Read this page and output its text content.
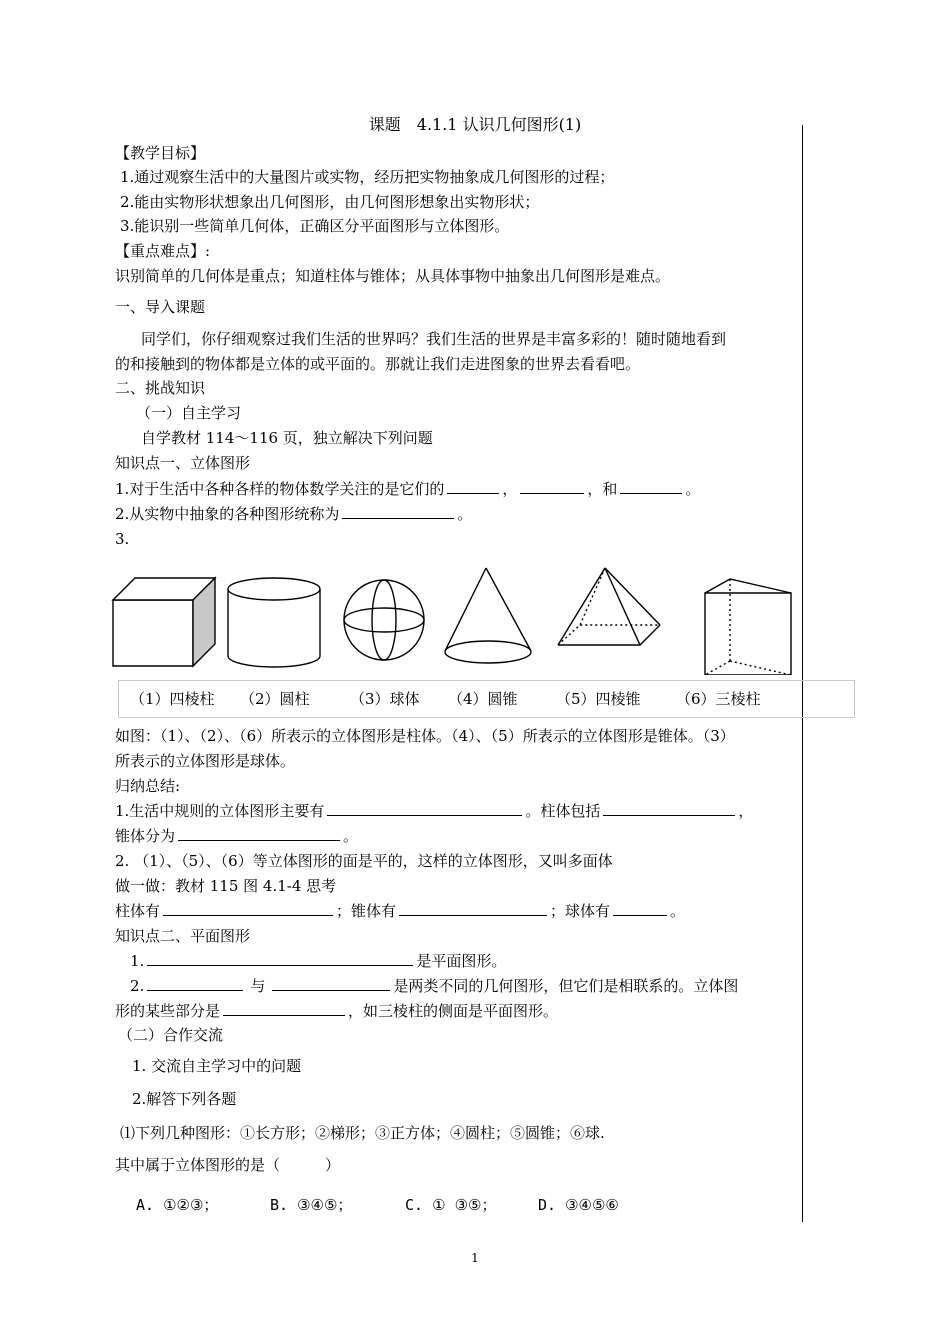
课题　4.1.1 认识几何图形(1)
【教学目标】
1.通过观察生活中的大量图片或实物，经历把实物抽象成几何图形的过程；
2.能由实物形状想象出几何图形，由几何图形想象出实物形状；
3.能识别一些简单几何体，正确区分平面图形与立体图形。
【重点难点】:
识别简单的几何体是重点；知道柱体与锥体；从具体事物中抽象出几何图形是难点。
一、导入课题
同学们，你仔细观察过我们生活的世界吗？我们生活的世界是丰富多彩的！随时随地看到
的和接触到的物体都是立体的或平面的。那就让我们走进图象的世界去看看吧。
二、挑战知识
（一）自主学习
自学教材 114～116 页，独立解决下列问题
知识点一、立体图形
1.对于生活中各种各样的物体数学关注的是它们的	，	，和	。
2.从实物中抽象的各种图形统称为	。
3.
（1）四棱柱 （2）圆柱	（3）球体 （4）圆锥	（5）四棱锥 （6）三棱柱
如图：（1）、（2）、（6）所表示的立体图形是柱体。（4）、（5）所表示的立体图形是锥体。（3）
所表示的立体图形是球体。
归纳总结:
1.生活中规则的立体图形主要有	。柱体包括	，
锥体分为	。
2. （1）、（5）、（6）等立体图形的面是平的，这样的立体图形，又叫多面体
做一做：教材 115 图 4.1-4 思考
柱体有	；锥体有	；球体有	。
知识点二、平面图形
1.	是平面图形。
2.	与	是两类不同的几何图形，但它们是相联系的。立体图
形的某些部分是	，如三棱柱的侧面是平面图形。
（二）合作交流
1. 交流自主学习中的问题
2.解答下列各题
⑴下列几种图形：①长方形；②梯形；③正方体；④圆柱；⑤圆锥；⑥球.
其中属于立体图形的是（　　　）
A. ①②③；	B. ③④⑤；	C. ① ③⑤；	D. ③④⑤⑥
1
